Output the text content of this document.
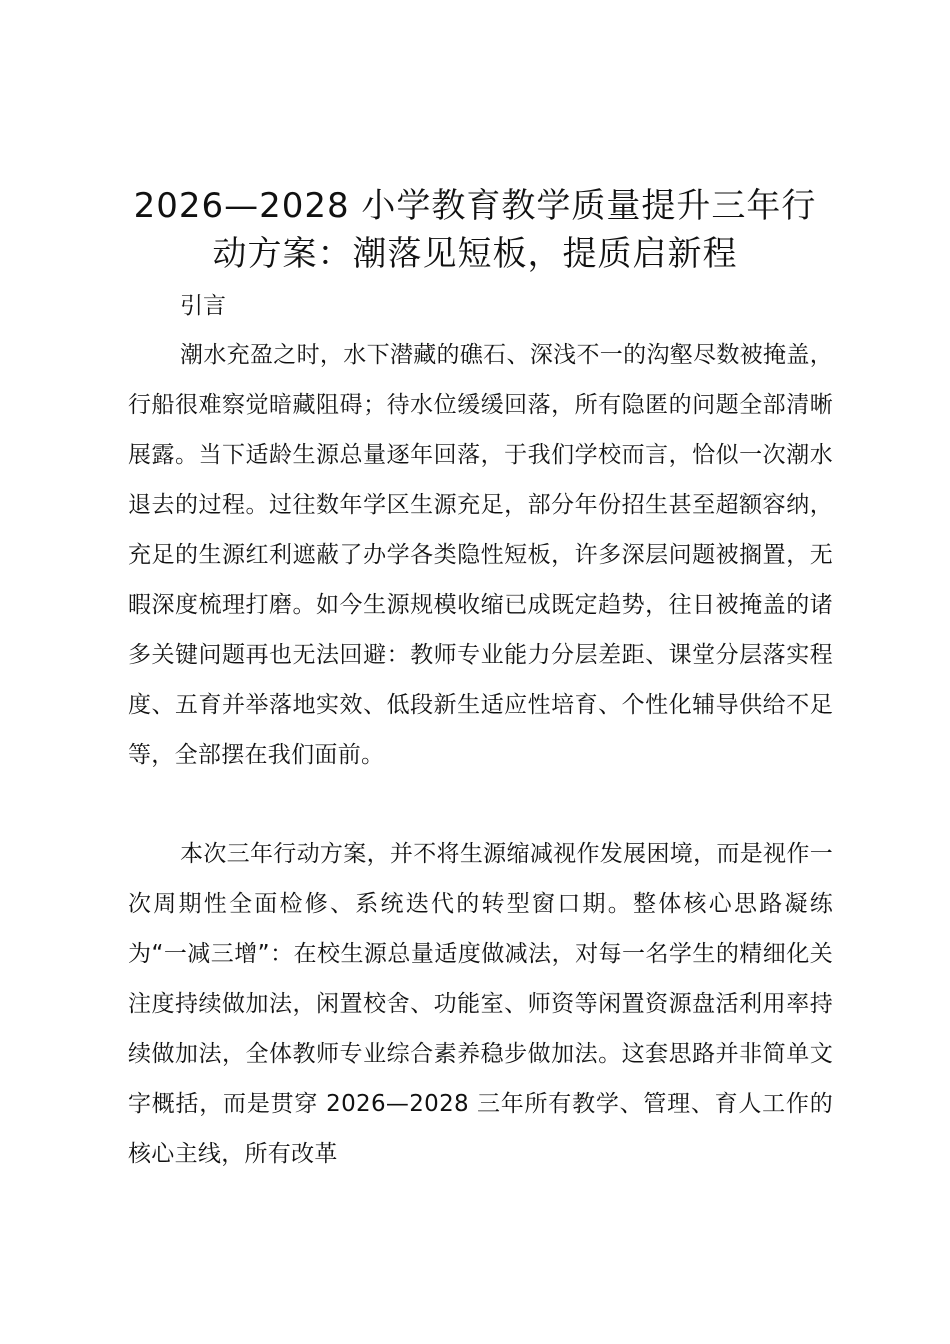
2026—2028 小学教育教学质量提升三年行
动方案：潮落见短板，提质启新程

引言

潮水充盈之时，水下潜藏的礁石、深浅不一的沟壑尽数被掩盖，行船很难察觉暗藏阻碍；待水位缓缓回落，所有隐匿的问题全部清晰展露。当下适龄生源总量逐年回落，于我们学校而言，恰似一次潮水退去的过程。过往数年学区生源充足，部分年份招生甚至超额容纳，充足的生源红利遮蔽了办学各类隐性短板，许多深层问题被搁置，无暇深度梳理打磨。如今生源规模收缩已成既定趋势，往日被掩盖的诸多关键问题再也无法回避：教师专业能力分层差距、课堂分层落实程度、五育并举落地实效、低段新生适应性培育、个性化辅导供给不足等，全部摆在我们面前。

本次三年行动方案，并不将生源缩减视作发展困境，而是视作一次周期性全面检修、系统迭代的转型窗口期。整体核心思路凝练为“一减三增”：在校生源总量适度做减法，对每一名学生的精细化关注度持续做加法，闲置校舍、功能室、师资等闲置资源盘活利用率持续做加法，全体教师专业综合素养稳步做加法。这套思路并非简单文字概括，而是贯穿 2026—2028 三年所有教学、管理、育人工作的核心主线，所有改革
